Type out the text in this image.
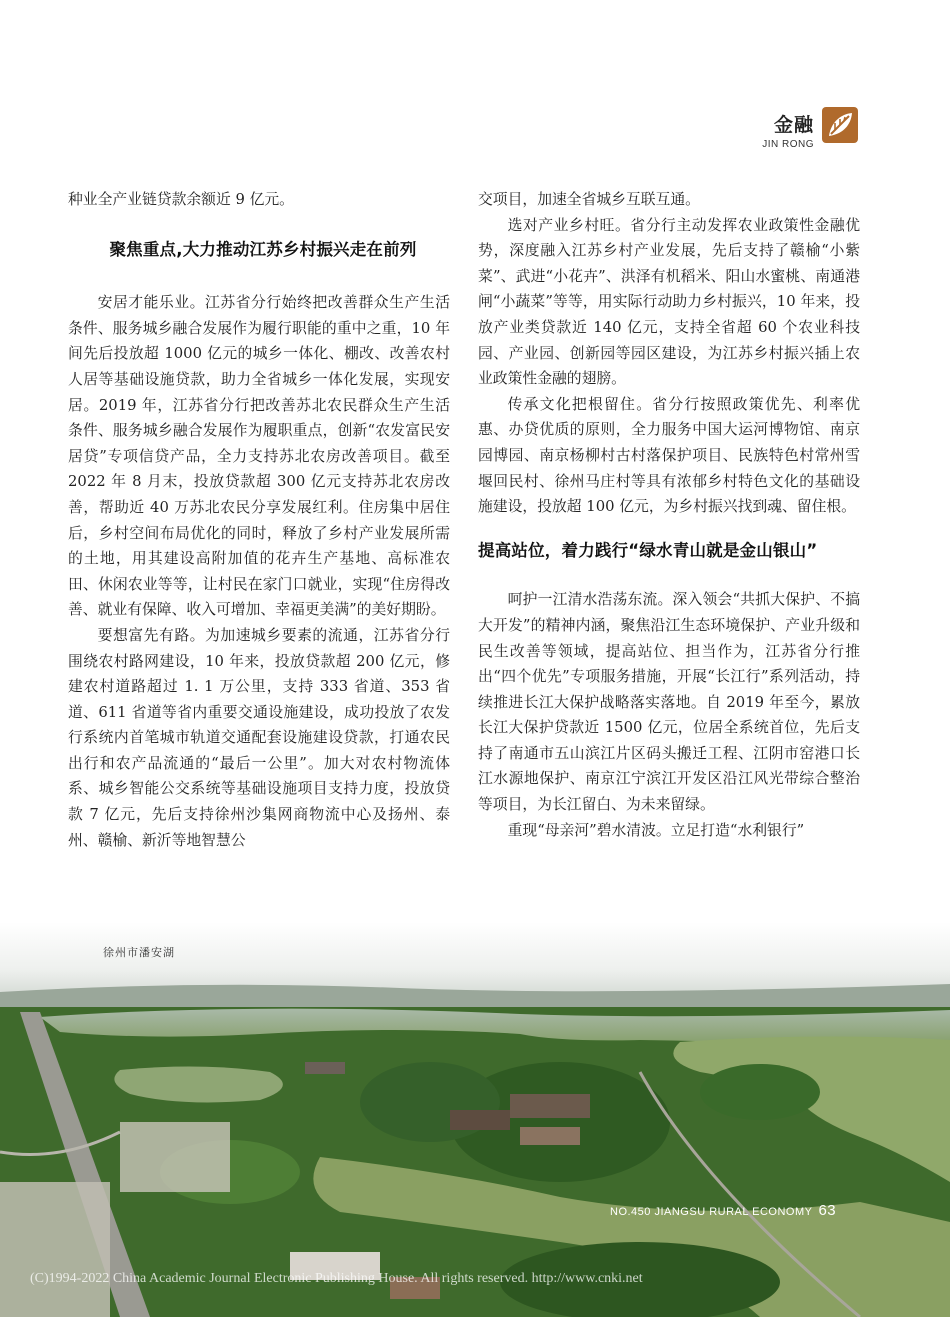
金融
JIN RONG

种业全产业链贷款余额近 9 亿元。

聚焦重点,大力推动江苏乡村振兴走在前列

安居才能乐业。江苏省分行始终把改善群众生产生活条件、服务城乡融合发展作为履行职能的重中之重，10 年间先后投放超 1000 亿元的城乡一体化、棚改、改善农村人居等基础设施贷款，助力全省城乡一体化发展，实现安居。2019 年，江苏省分行把改善苏北农民群众生产生活条件、服务城乡融合发展作为履职重点，创新“农发富民安居贷”专项信贷产品，全力支持苏北农房改善项目。截至 2022 年 8 月末，投放贷款超 300 亿元支持苏北农房改善，帮助近 40 万苏北农民分享发展红利。住房集中居住后，乡村空间布局优化的同时，释放了乡村产业发展所需的土地，用其建设高附加值的花卉生产基地、高标准农田、休闲农业等等，让村民在家门口就业，实现“住房得改善、就业有保障、收入可增加、幸福更美满”的美好期盼。

要想富先有路。为加速城乡要素的流通，江苏省分行围绕农村路网建设，10 年来，投放贷款超 200 亿元，修建农村道路超过 1. 1 万公里，支持 333 省道、353 省道、611 省道等省内重要交通设施建设，成功投放了农发行系统内首笔城市轨道交通配套设施建设贷款，打通农民出行和农产品流通的“最后一公里”。加大对农村物流体系、城乡智能公交系统等基础设施项目支持力度，投放贷款 7 亿元，先后支持徐州沙集网商物流中心及扬州、泰州、赣榆、新沂等地智慧公

交项目，加速全省城乡互联互通。

选对产业乡村旺。省分行主动发挥农业政策性金融优势，深度融入江苏乡村产业发展，先后支持了赣榆“小紫菜”、武进“小花卉”、洪泽有机稻米、阳山水蜜桃、南通港闸“小蔬菜”等等，用实际行动助力乡村振兴，10 年来，投放产业类贷款近 140 亿元，支持全省超 60 个农业科技园、产业园、创新园等园区建设，为江苏乡村振兴插上农业政策性金融的翅膀。

传承文化把根留住。省分行按照政策优先、利率优惠、办贷优质的原则，全力服务中国大运河博物馆、南京园博园、南京杨柳村古村落保护项目、民族特色村常州雪堰回民村、徐州马庄村等具有浓郁乡村特色文化的基础设施建设，投放超 100 亿元，为乡村振兴找到魂、留住根。

提高站位，着力践行“绿水青山就是金山银山”

呵护一江清水浩荡东流。深入领会“共抓大保护、不搞大开发”的精神内涵，聚焦沿江生态环境保护、产业升级和民生改善等领域，提高站位、担当作为，江苏省分行推出“四个优先”专项服务措施，开展“长江行”系列活动，持续推进长江大保护战略落实落地。自 2019 年至今，累放长江大保护贷款近 1500 亿元，位居全系统首位，先后支持了南通市五山滨江片区码头搬迁工程、江阴市窑港口长江水源地保护、南京江宁滨江开发区沿江风光带综合整治等项目，为长江留白、为未来留绿。

重现“母亲河”碧水清波。立足打造“水利银行”

徐州市潘安湖
NO.450 JIANGSU RURAL ECONOMY 63
(C)1994-2022 China Academic Journal Electronic Publishing House. All rights reserved. http://www.cnki.net
